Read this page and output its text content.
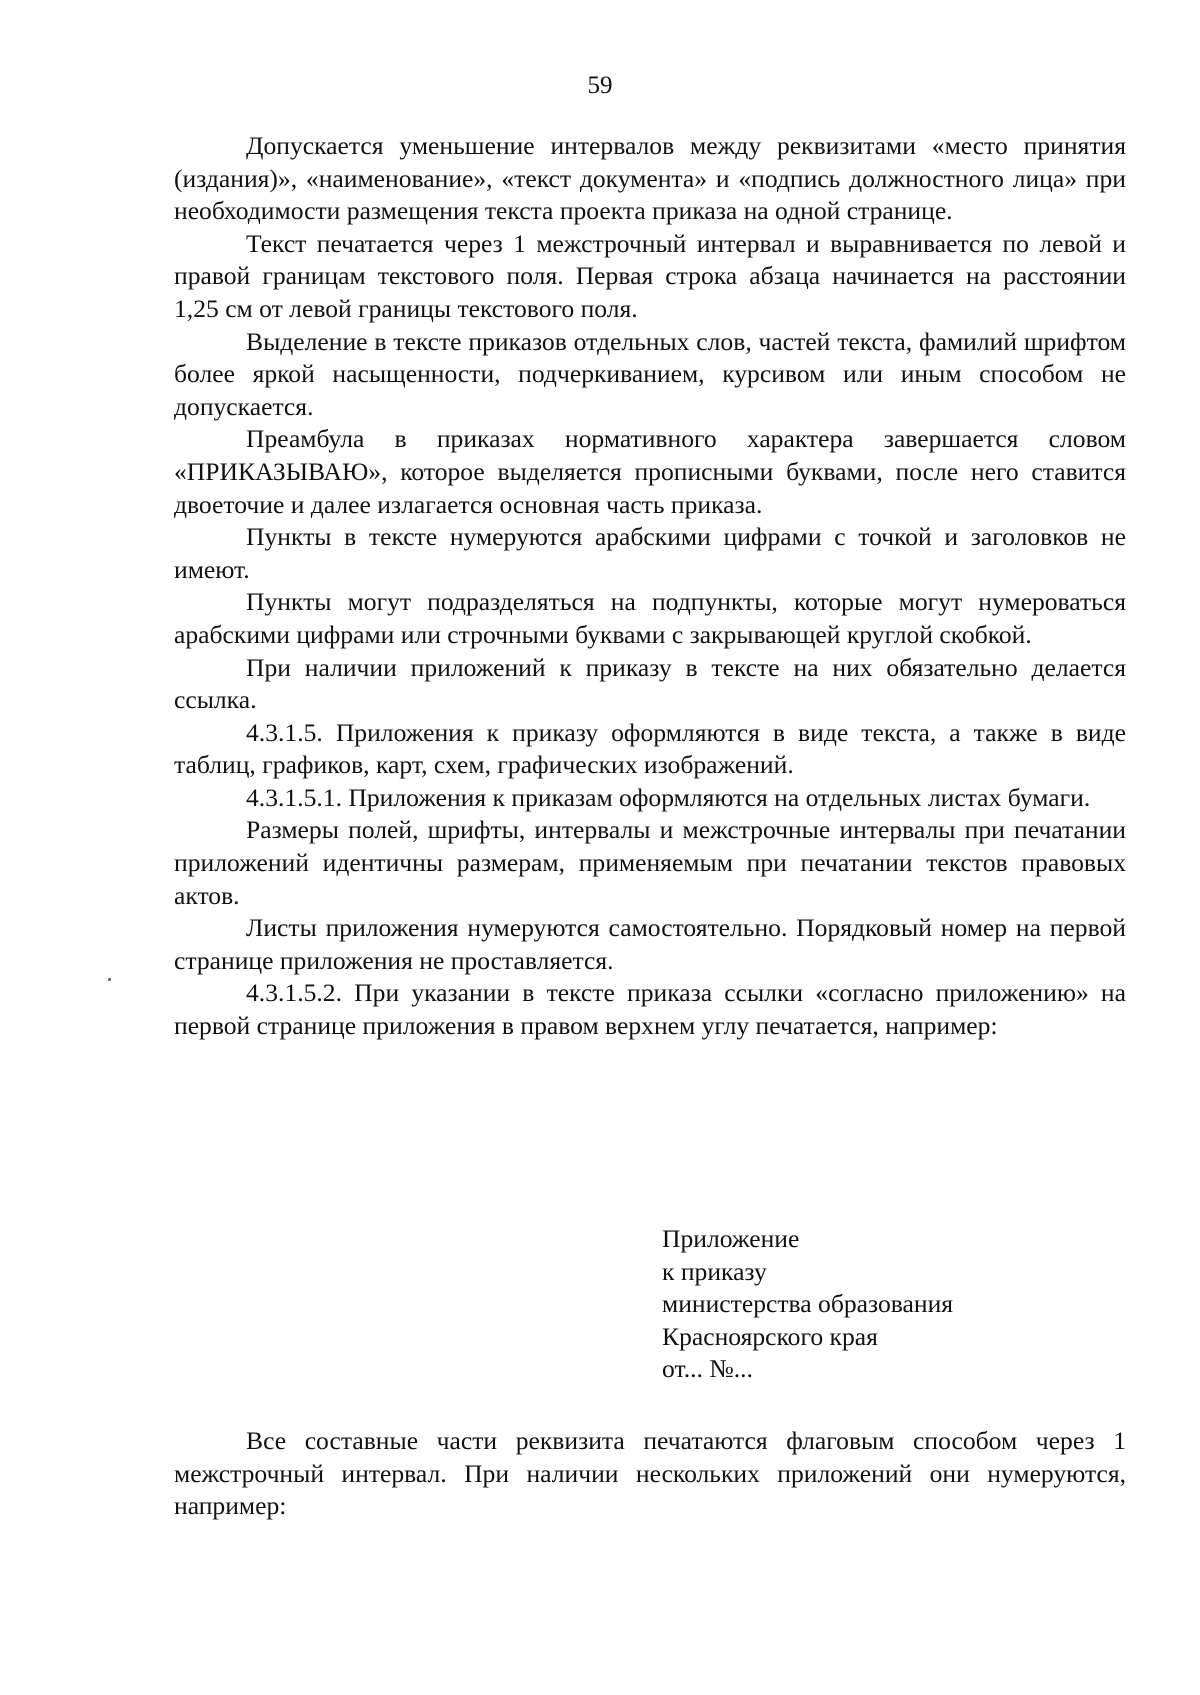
59

Допускается уменьшение интервалов между реквизитами «место принятия (издания)», «наименование», «текст документа» и «подпись должностного лица» при необходимости размещения текста проекта приказа на одной странице.

Текст печатается через 1 межстрочный интервал и выравнивается по левой и правой границам текстового поля. Первая строка абзаца начинается на расстоянии 1,25 см от левой границы текстового поля.

Выделение в тексте приказов отдельных слов, частей текста, фамилий шрифтом более яркой насыщенности, подчеркиванием, курсивом или иным способом не допускается.

Преамбула в приказах нормативного характера завершается словом «ПРИКАЗЫВАЮ», которое выделяется прописными буквами, после него ставится двоеточие и далее излагается основная часть приказа.

Пункты в тексте нумеруются арабскими цифрами с точкой и заголовков не имеют.

Пункты могут подразделяться на подпункты, которые могут нумероваться арабскими цифрами или строчными буквами с закрывающей круглой скобкой.

При наличии приложений к приказу в тексте на них обязательно делается ссылка.

4.3.1.5. Приложения к приказу оформляются в виде текста, а также в виде таблиц, графиков, карт, схем, графических изображений.

4.3.1.5.1. Приложения к приказам оформляются на отдельных листах бумаги.

Размеры полей, шрифты, интервалы и межстрочные интервалы при печатании приложений идентичны размерам, применяемым при печатании текстов правовых актов.

Листы приложения нумеруются самостоятельно. Порядковый номер на первой странице приложения не проставляется.

4.3.1.5.2. При указании в тексте приказа ссылки «согласно приложению» на первой странице приложения в правом верхнем углу печатается, например:

Приложение
к приказу
министерства образования
Красноярского края
от... №...

Все составные части реквизита печатаются флаговым способом через 1 межстрочный интервал. При наличии нескольких приложений они нумеруются, например:
